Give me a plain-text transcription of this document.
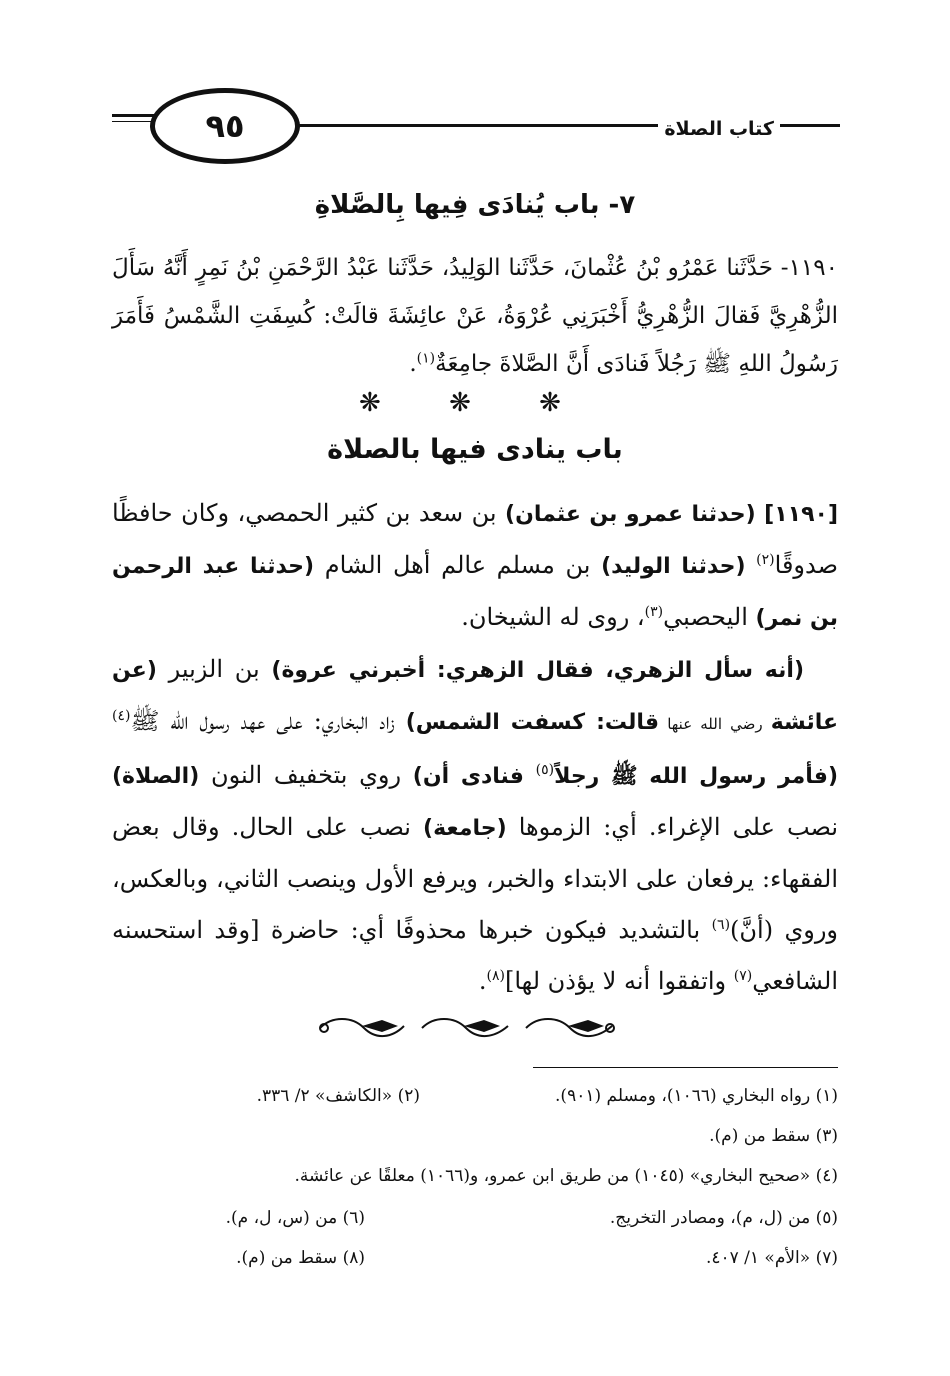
٩٥	كتاب الصلاة
٧- باب يُنادَى فِيها بِالصَّلاةِ
١١٩٠- حَدَّثَنا عَمْرُو بْنُ عُثْمانَ، حَدَّثَنا الوَلِيدُ، حَدَّثَنا عَبْدُ الرَّحْمَنِ بْنُ نَمِرٍ أَنَّهُ سَأَلَ الزُّهْرِيَّ فَقالَ الزُّهْرِيُّ أَخْبَرَنِي عُرْوَةُ، عَنْ عائِشَةَ قالَتْ: كُسِفَتِ الشَّمْسُ فَأَمَرَ رَسُولُ اللهِ ﷺ رَجُلاً فَنادَى أَنَّ الصَّلاةَ جامِعَةٌ$^{(١)}$.
❋ ❋ ❋
باب ينادى فيها بالصلاة

[١١٩٠] (حدثنا عمرو بن عثمان) بن سعد بن كثير الحمصي، وكان حافظًا صدوقًا$^{(٢)}$ (حدثنا الوليد) بن مسلم عالم أهل الشام (حدثنا عبد الرحمن بن نمر) اليحصبي$^{(٣)}$، روى له الشيخان.

(أنه سأل الزهري، فقال الزهري: أخبرني عروة) بن الزبير (عن عائشة رضي الله عنها قالت: كسفت الشمس) زاد البخاري: على عهد رسول الله ﷺ$^{(٤)}$ (فأمر رسول الله ﷺ رجلاً$^{(٥)}$ فنادى أن) روي بتخفيف النون (الصلاة) نصب على الإغراء. أي: الزموها (جامعة) نصب على الحال. وقال بعض الفقهاء: يرفعان على الابتداء والخبر، ويرفع الأول وينصب الثاني، وبالعكس، وروي (أنَّ)$^{(٦)}$ بالتشديد فيكون خبرها محذوفًا أي: حاضرة [وقد استحسنه الشافعي$^{(٧)}$ واتفقوا أنه لا يؤذن لها]$^{(٨)}$.

(١) رواه البخاري (١٠٦٦)، ومسلم (٩٠١).
(٢) «الكاشف» ٢/ ٣٣٦.
(٣) سقط من (م).
(٤) «صحيح البخاري» (١٠٤٥) من طريق ابن عمرو، و(١٠٦٦) معلقًا عن عائشة.
(٥) من (ل، م)، ومصادر التخريج.
(٦) من (س، ل، م).
(٧) «الأم» ١/ ٤٠٧.
(٨) سقط من (م).
